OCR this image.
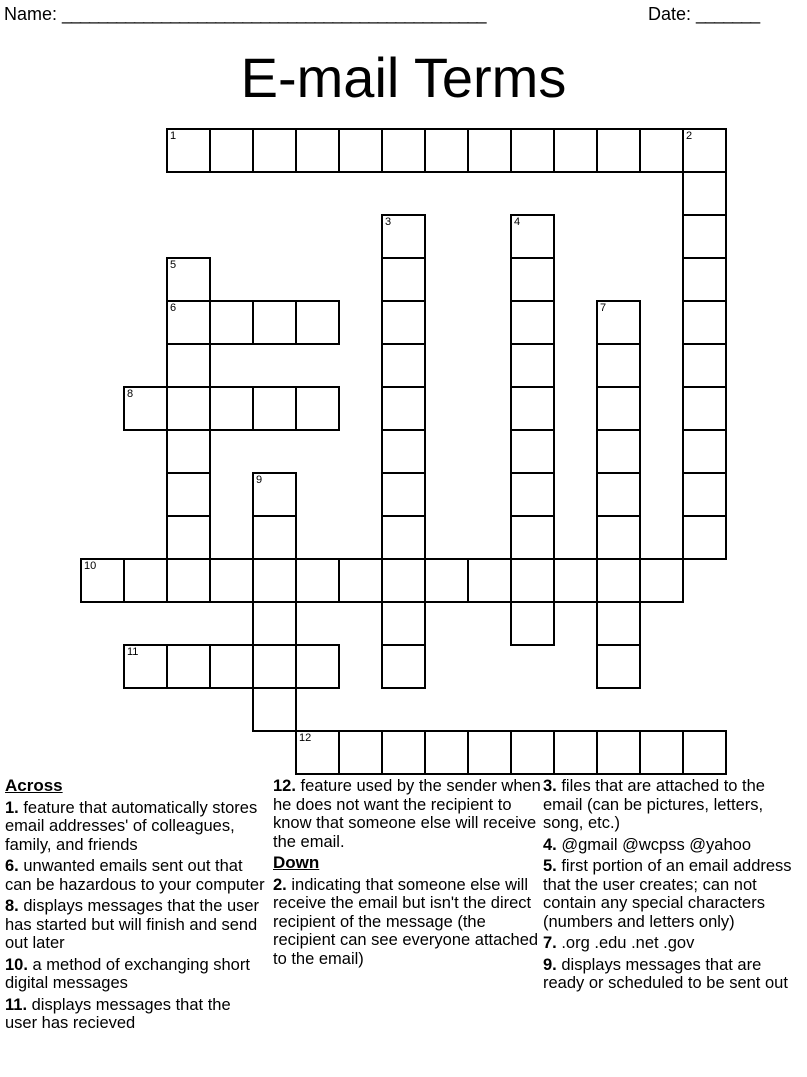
Name: _______________________________________________	Date: _______
E-mail Terms
1	2
3	4
5
6	7
8
9
10
11
12
Across
1. feature that automatically stores email addresses' of colleagues, family, and friends
6. unwanted emails sent out that can be hazardous to your computer
8. displays messages that the user has started but will finish and send out later
10. a method of exchanging short digital messages
11. displays messages that the user has recieved
12. feature used by the sender when he does not want the recipient to know that someone else will receive the email.
Down
2. indicating that someone else will receive the email but isn't the direct recipient of the message (the recipient can see everyone attached to the email)
3. files that are attached to the email (can be pictures, letters, song, etc.)
4. @gmail @wcpss @yahoo
5. first portion of an email address that the user creates; can not contain any special characters (numbers and letters only)
7. .org .edu .net .gov
9. displays messages that are ready or scheduled to be sent out
